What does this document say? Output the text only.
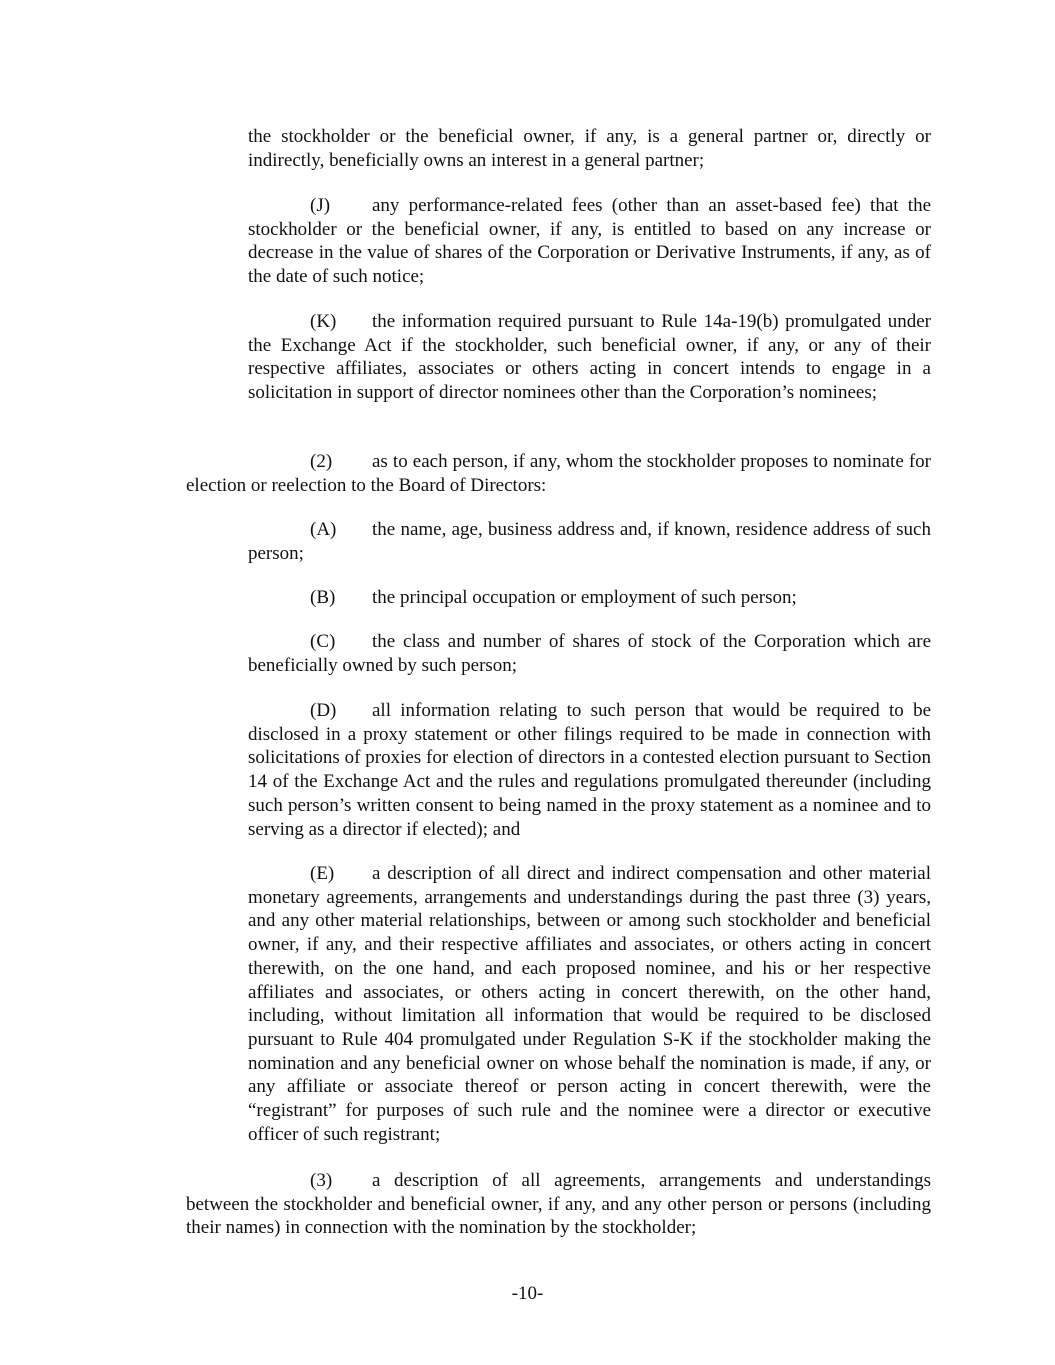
the stockholder or the beneficial owner, if any, is a general partner or, directly or indirectly, beneficially owns an interest in a general partner;

(J) any performance-related fees (other than an asset-based fee) that the stockholder or the beneficial owner, if any, is entitled to based on any increase or decrease in the value of shares of the Corporation or Derivative Instruments, if any, as of the date of such notice;

(K) the information required pursuant to Rule 14a-19(b) promulgated under the Exchange Act if the stockholder, such beneficial owner, if any, or any of their respective affiliates, associates or others acting in concert intends to engage in a solicitation in support of director nominees other than the Corporation’s nominees;

(2) as to each person, if any, whom the stockholder proposes to nominate for election or reelection to the Board of Directors:

(A) the name, age, business address and, if known, residence address of such person;

(B) the principal occupation or employment of such person;

(C) the class and number of shares of stock of the Corporation which are beneficially owned by such person;

(D) all information relating to such person that would be required to be disclosed in a proxy statement or other filings required to be made in connection with solicitations of proxies for election of directors in a contested election pursuant to Section 14 of the Exchange Act and the rules and regulations promulgated thereunder (including such person’s written consent to being named in the proxy statement as a nominee and to serving as a director if elected); and

(E) a description of all direct and indirect compensation and other material monetary agreements, arrangements and understandings during the past three (3) years, and any other material relationships, between or among such stockholder and beneficial owner, if any, and their respective affiliates and associates, or others acting in concert therewith, on the one hand, and each proposed nominee, and his or her respective affiliates and associates, or others acting in concert therewith, on the other hand, including, without limitation all information that would be required to be disclosed pursuant to Rule 404 promulgated under Regulation S-K if the stockholder making the nomination and any beneficial owner on whose behalf the nomination is made, if any, or any affiliate or associate thereof or person acting in concert therewith, were the “registrant” for purposes of such rule and the nominee were a director or executive officer of such registrant;

(3) a description of all agreements, arrangements and understandings between the stockholder and beneficial owner, if any, and any other person or persons (including their names) in connection with the nomination by the stockholder;

-10-
